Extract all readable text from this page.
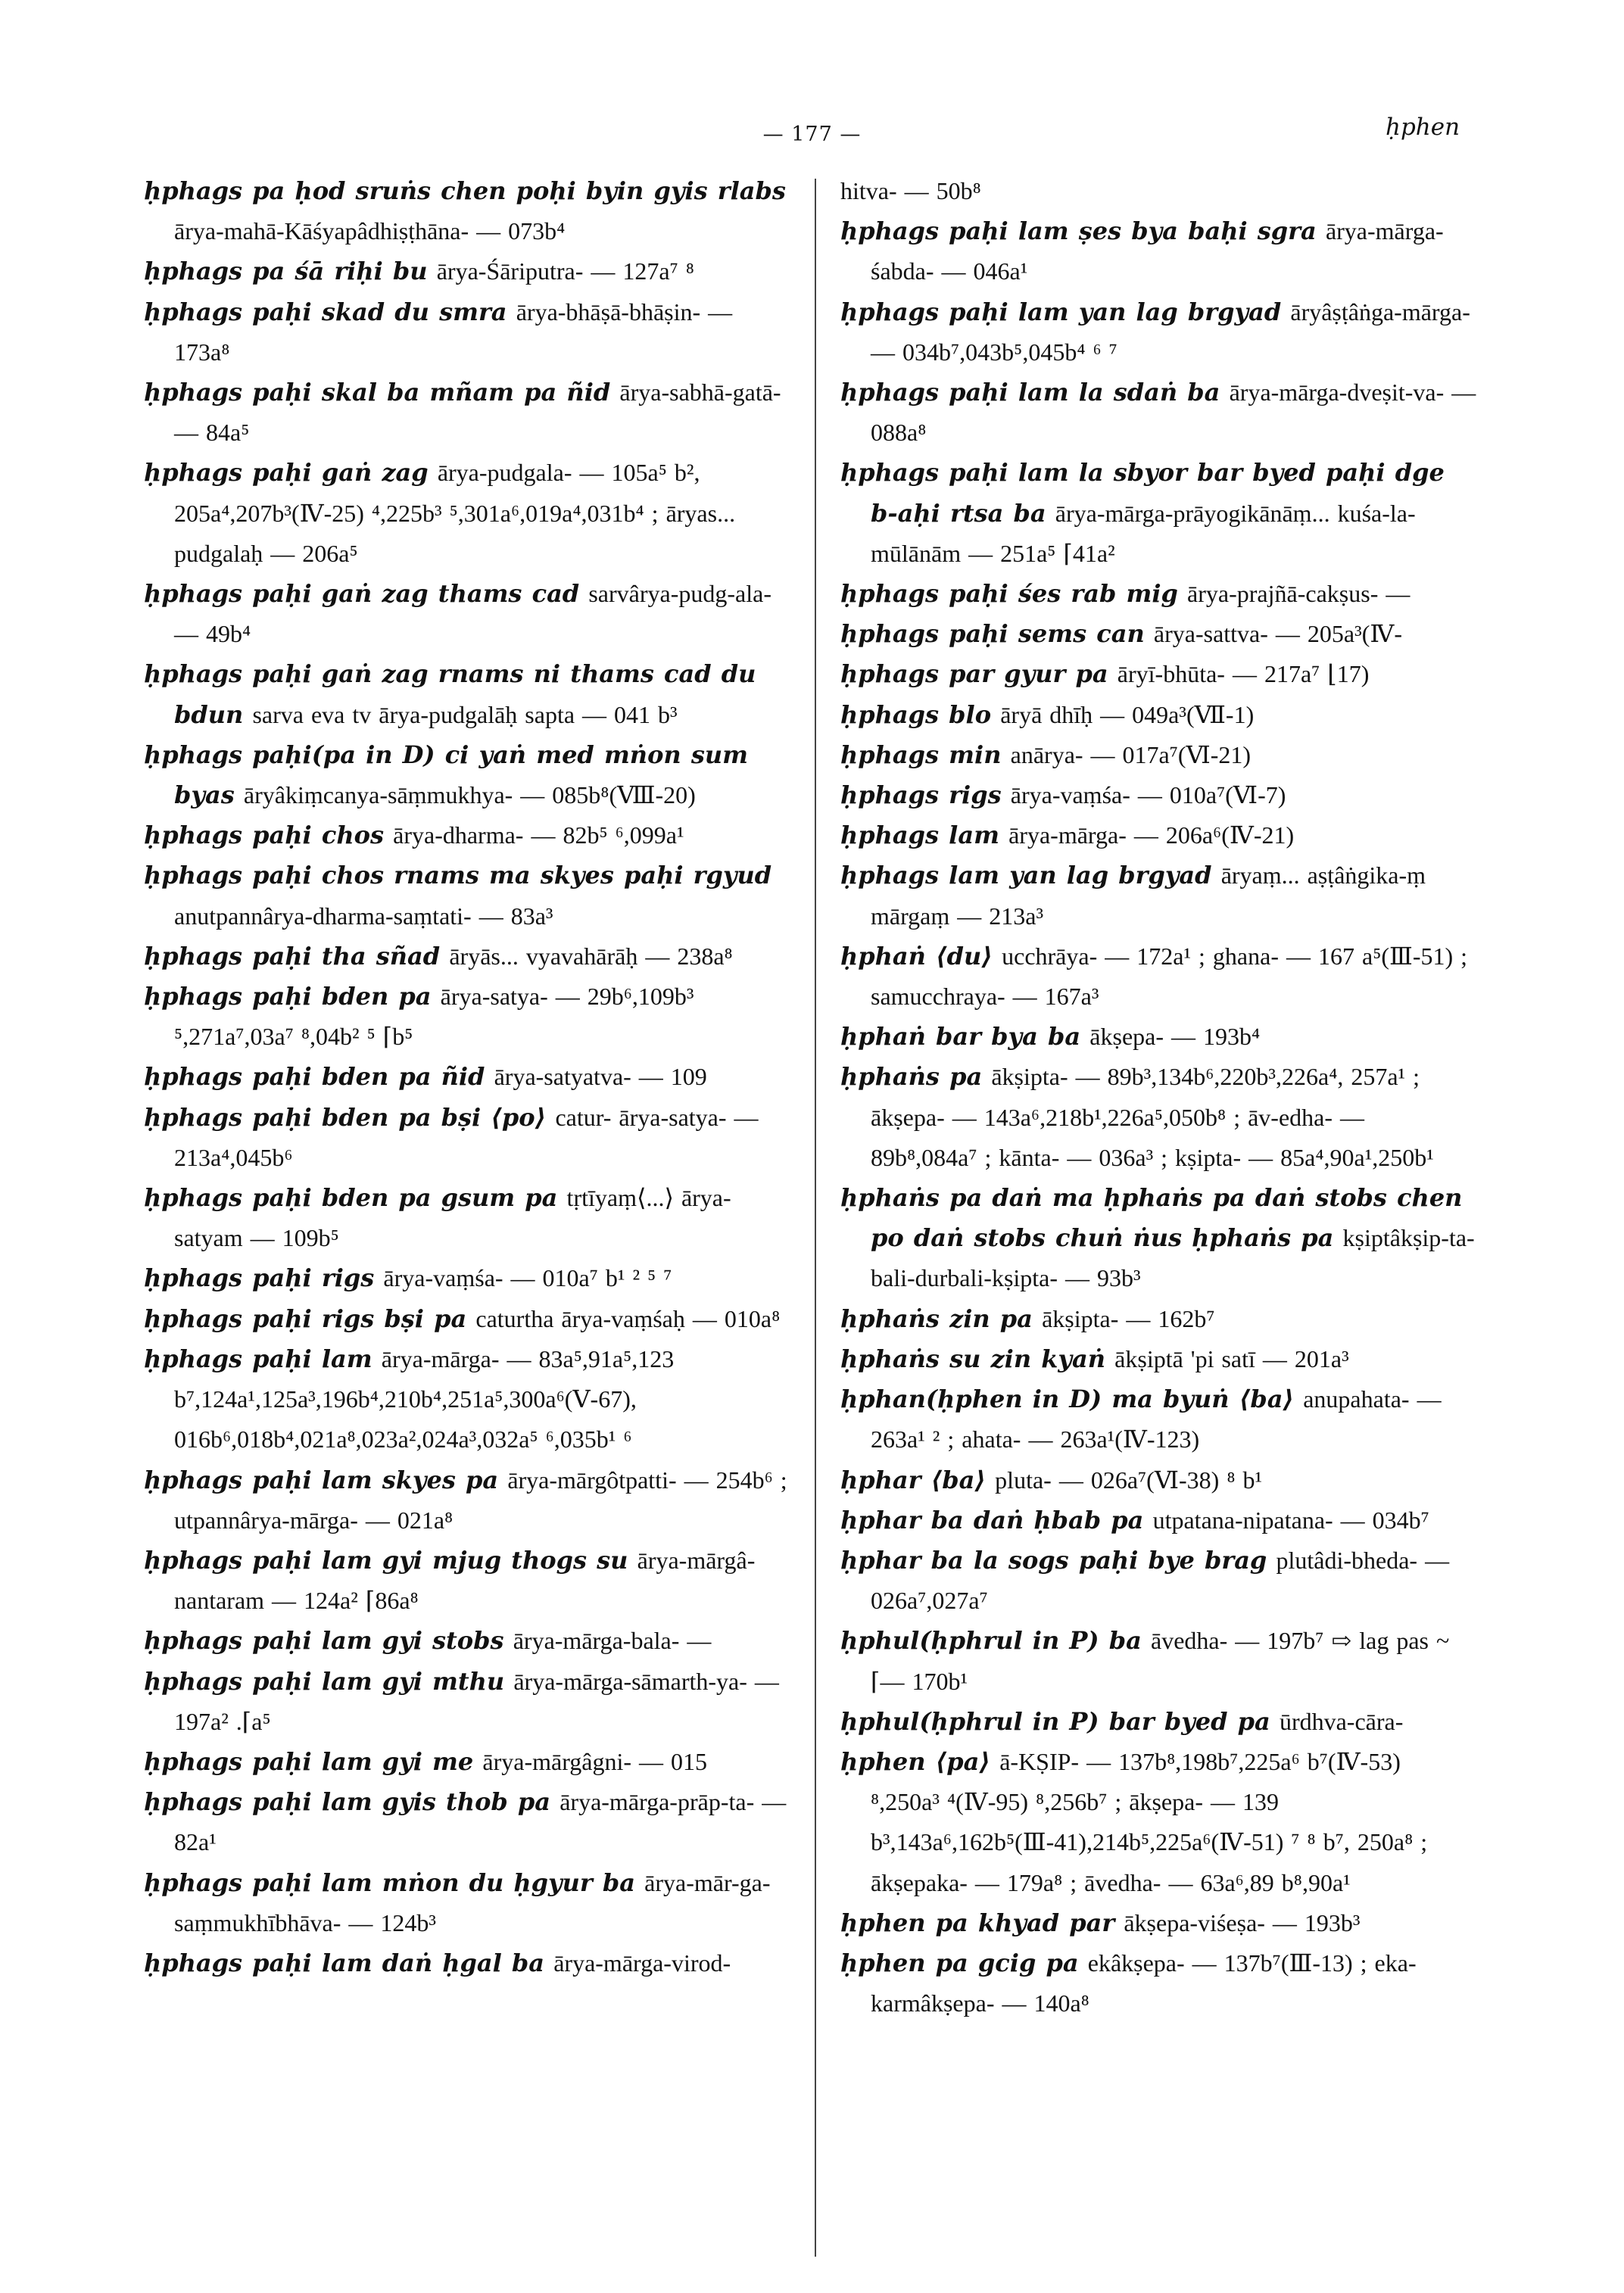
— 177 —	ḥphen

ḥphags pa ḥod sruṅs chen poḥi byin gyis rlabs ārya-mahā-Kāśyapâdhiṣṭhāna- — 073b⁴

ḥphags pa śā riḥi bu ārya-Śāriputra- — 127a⁷ ⁸

ḥphags paḥi skad du smra ārya-bhāṣā-bhāṣin- — 173a⁸

ḥphags paḥi skal ba mñam pa ñid ārya-sabhā-gatā- — 84a⁵

ḥphags paḥi gaṅ zag ārya-pudgala- — 105a⁵ b², 205a⁴,207b³(Ⅳ-25) ⁴,225b³ ⁵,301a⁶,019a⁴,031b⁴ ; āryas... pudgalaḥ — 206a⁵

ḥphags paḥi gaṅ zag thams cad sarvârya-pudg-ala- — 49b⁴

ḥphags paḥi gaṅ zag rnams ni thams cad du bdun sarva eva tv ārya-pudgalāḥ sapta — 041 b³

ḥphags paḥi(pa in D) ci yaṅ med mṅon sum byas āryâkiṃcanya-sāṃmukhya- — 085b⁸(Ⅷ-20)

ḥphags paḥi chos ārya-dharma- — 82b⁵ ⁶,099a¹

ḥphags paḥi chos rnams ma skyes paḥi rgyud anutpannârya-dharma-saṃtati- — 83a³

ḥphags paḥi tha sñad āryās... vyavahārāḥ — 238a⁸

ḥphags paḥi bden pa ārya-satya- — 29b⁶,109b³ ⁵,271a⁷,03a⁷ ⁸,04b² ⁵ ⌈b⁵

ḥphags paḥi bden pa ñid ārya-satyatva- — 109

ḥphags paḥi bden pa bṣi ⟨po⟩ catur- ārya-satya- — 213a⁴,045b⁶

ḥphags paḥi bden pa gsum pa tṛtīyaṃ⟨...⟩ ārya-satyam — 109b⁵

ḥphags paḥi rigs ārya-vaṃśa- — 010a⁷ b¹ ² ⁵ ⁷

ḥphags paḥi rigs bṣi pa caturtha ārya-vaṃśaḥ — 010a⁸

ḥphags paḥi lam ārya-mārga- — 83a⁵,91a⁵,123 b⁷,124a¹,125a³,196b⁴,210b⁴,251a⁵,300a⁶(Ⅴ-67), 016b⁶,018b⁴,021a⁸,023a²,024a³,032a⁵ ⁶,035b¹ ⁶

ḥphags paḥi lam skyes pa ārya-mārgôtpatti- — 254b⁶ ; utpannârya-mārga- — 021a⁸

ḥphags paḥi lam gyi mjug thogs su ārya-mārgâ-nantaram — 124a² ⌈86a⁸

ḥphags paḥi lam gyi stobs ārya-mārga-bala- —

ḥphags paḥi lam gyi mthu ārya-mārga-sāmarth-ya- — 197a² .⌈a⁵

ḥphags paḥi lam gyi me ārya-mārgâgni- — 015

ḥphags paḥi lam gyis thob pa ārya-mārga-prāp-ta- — 82a¹

ḥphags paḥi lam mṅon du ḥgyur ba ārya-mār-ga-saṃmukhībhāva- — 124b³

ḥphags paḥi lam daṅ ḥgal ba ārya-mārga-virod-

hitva- — 50b⁸

ḥphags paḥi lam ṣes bya baḥi sgra ārya-mārga-śabda- — 046a¹

ḥphags paḥi lam yan lag brgyad āryâṣṭâṅga-mārga- — 034b⁷,043b⁵,045b⁴ ⁶ ⁷

ḥphags paḥi lam la sdaṅ ba ārya-mārga-dveṣit-va- — 088a⁸

ḥphags paḥi lam la sbyor bar byed paḥi dge b-aḥi rtsa ba ārya-mārga-prāyogikānāṃ... kuśa-la-mūlānām — 251a⁵ ⌈41a²

ḥphags paḥi śes rab mig ārya-prajñā-cakṣus- —

ḥphags paḥi sems can ārya-sattva- — 205a³(Ⅳ-

ḥphags par gyur pa āryī-bhūta- — 217a⁷ ⌊17)

ḥphags blo āryā dhīḥ — 049a³(Ⅶ-1)

ḥphags min anārya- — 017a⁷(Ⅵ-21)

ḥphags rigs ārya-vaṃśa- — 010a⁷(Ⅵ-7)

ḥphags lam ārya-mārga- — 206a⁶(Ⅳ-21)

ḥphags lam yan lag brgyad āryaṃ... aṣṭâṅgika-ṃ mārgaṃ — 213a³

ḥphaṅ ⟨du⟩ ucchrāya- — 172a¹ ; ghana- — 167 a⁵(Ⅲ-51) ; samucchraya- — 167a³

ḥphaṅ bar bya ba ākṣepa- — 193b⁴

ḥphaṅs pa ākṣipta- — 89b³,134b⁶,220b³,226a⁴, 257a¹ ; ākṣepa- — 143a⁶,218b¹,226a⁵,050b⁸ ; āv-edha- — 89b⁸,084a⁷ ; kānta- — 036a³ ; kṣipta- — 85a⁴,90a¹,250b¹

ḥphaṅs pa daṅ ma ḥphaṅs pa daṅ stobs chen po daṅ stobs chuṅ ṅus ḥphaṅs pa kṣiptâkṣip-ta-bali-durbali-kṣipta- — 93b³

ḥphaṅs zin pa ākṣipta- — 162b⁷

ḥphaṅs su zin kyaṅ ākṣiptā 'pi satī — 201a³

ḥphan(ḥphen in D) ma byuṅ ⟨ba⟩ anupahata- — 263a¹ ² ; ahata- — 263a¹(Ⅳ-123)

ḥphar ⟨ba⟩ pluta- — 026a⁷(Ⅵ-38) ⁸ b¹

ḥphar ba daṅ ḥbab pa utpatana-nipatana- — 034b⁷

ḥphar ba la sogs paḥi bye brag plutâdi-bheda- — 026a⁷,027a⁷

ḥphul(ḥphrul in P) ba āvedha- — 197b⁷ ⇨ lag pas ~ ⌈— 170b¹

ḥphul(ḥphrul in P) bar byed pa ūrdhva-cāra-

ḥphen ⟨pa⟩ ā-KṢIP- — 137b⁸,198b⁷,225a⁶ b⁷(Ⅳ-53) ⁸,250a³ ⁴(Ⅳ-95) ⁸,256b⁷ ; ākṣepa- — 139 b³,143a⁶,162b⁵(Ⅲ-41),214b⁵,225a⁶(Ⅳ-51) ⁷ ⁸ b⁷, 250a⁸ ; ākṣepaka- — 179a⁸ ; āvedha- — 63a⁶,89 b⁸,90a¹

ḥphen pa khyad par ākṣepa-viśeṣa- — 193b³

ḥphen pa gcig pa ekâkṣepa- — 137b⁷(Ⅲ-13) ; eka-karmâkṣepa- — 140a⁸
